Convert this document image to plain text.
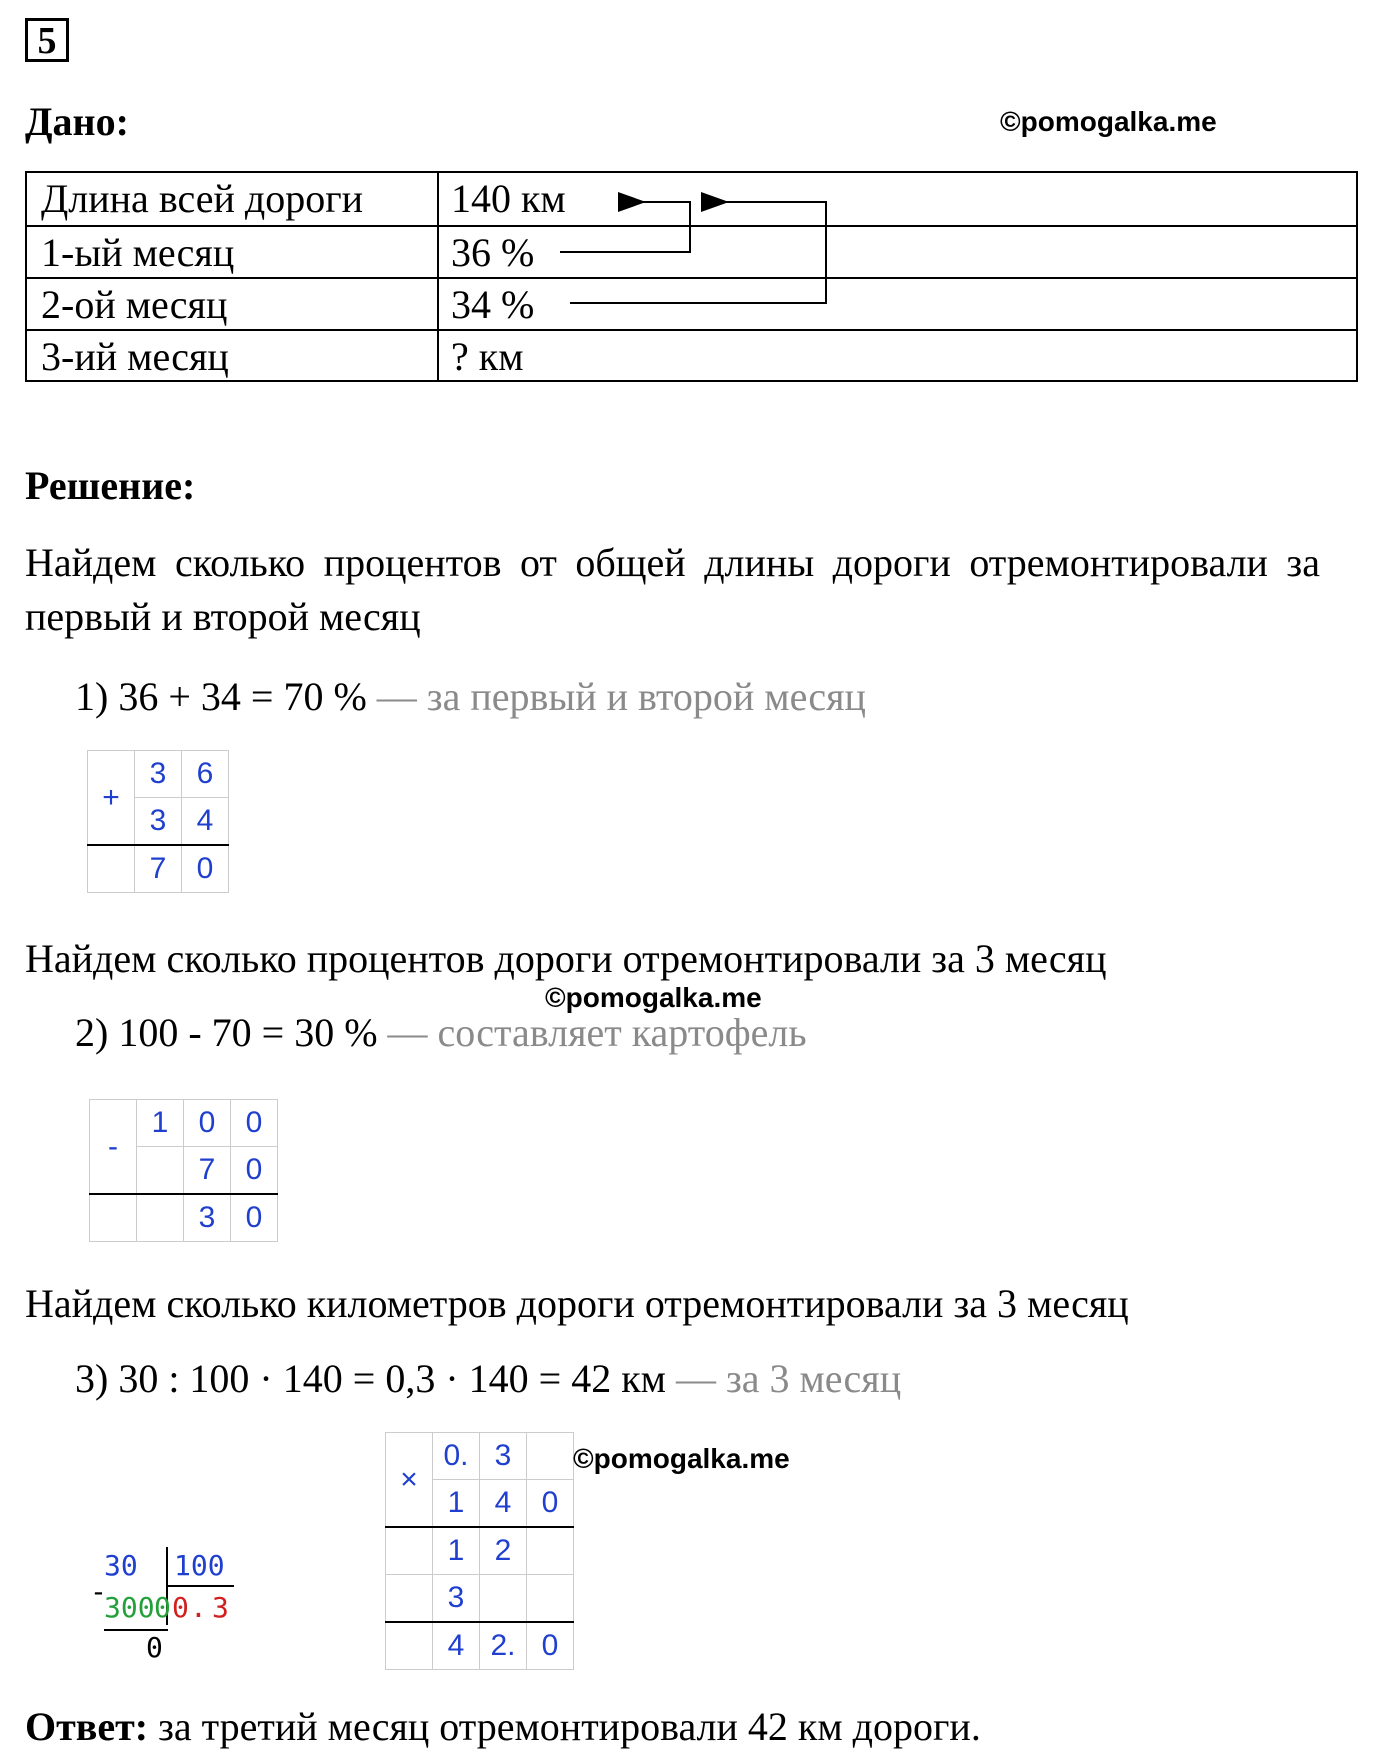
5
Дано:	©pomogalka.me
Длина всей дороги 140 км
1-ый месяц	36 %
2-ой месяц	34 %
3-ий месяц	? км
Решение:
Найдем сколько процентов от общей длины дороги отремонтировали за первый и второй месяц
1) 36 + 34 = 70 % — за первый и второй месяц
+	3	6
	3	4
	7	0
Найдем сколько процентов дороги отремонтировали за 3 месяц
©pomogalka.me
2) 100 - 70 = 30 % — составляет картофель
-	1	0	0
		7	0
		3	0
Найдем сколько километров дороги отремонтировали за 3 месяц
3) 30 : 100 · 140 = 0,3 · 140 = 42 км — за 3 месяц
30 100
-
300 0 0 . 3
0
×	0.	3	
	1	4	0
	1	2	
	3		
	4	2.	0
©pomogalka.me
Ответ: за третий месяц отремонтировали 42 км дороги.
